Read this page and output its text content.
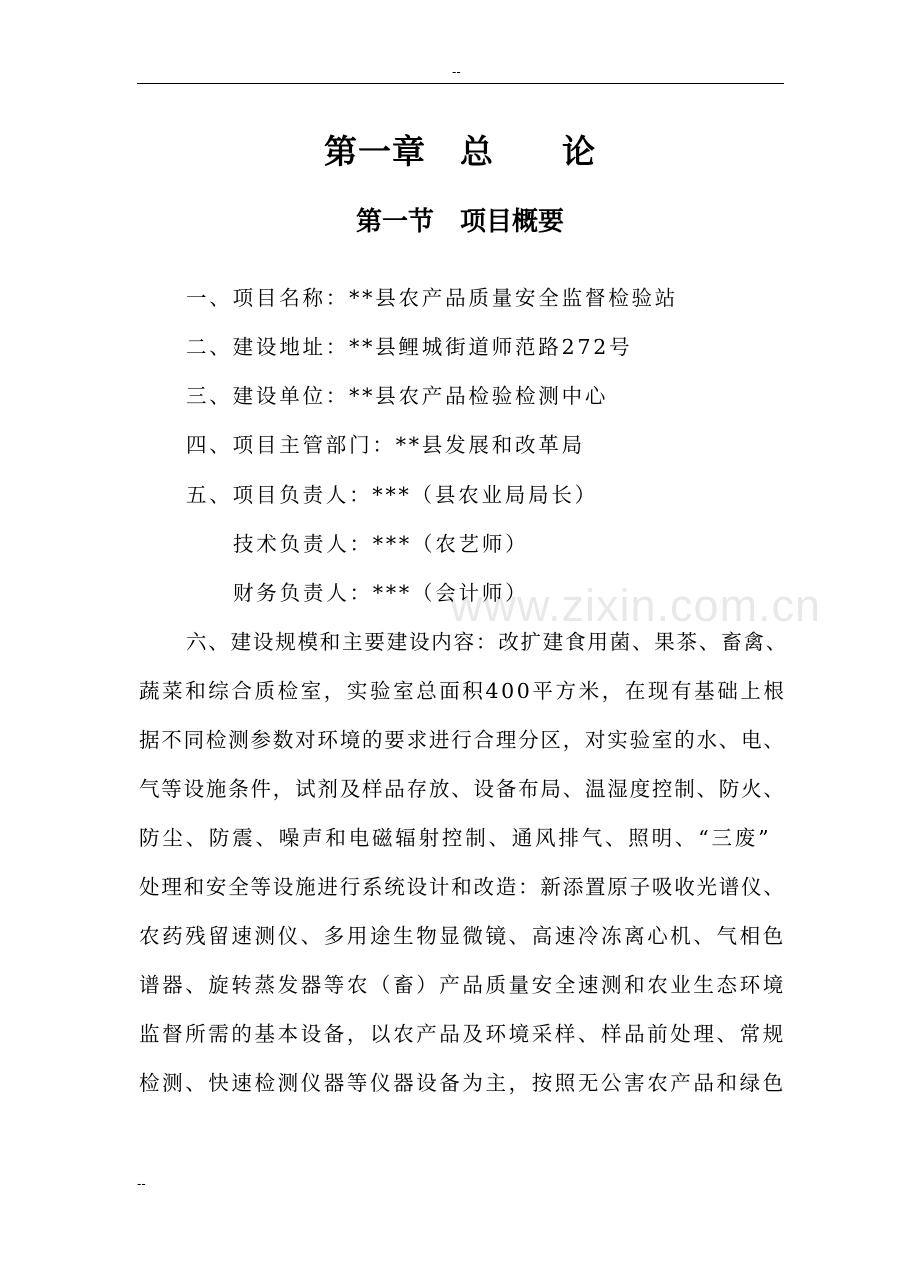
--
第一章　总　　论
第一节　项目概要
一、项目名称：**县农产品质量安全监督检验站
二、建设地址：**县鲤城街道师范路272号
三、建设单位：**县农产品检验检测中心
四、项目主管部门：**县发展和改革局
五、项目负责人：***（县农业局局长）
技术负责人：***（农艺师）
财务负责人：***（会计师）
六、建设规模和主要建设内容：改扩建食用菌、果茶、畜禽、
蔬菜和综合质检室，实验室总面积400平方米，在现有基础上根
据不同检测参数对环境的要求进行合理分区，对实验室的水、电、
气等设施条件，试剂及样品存放、设备布局、温湿度控制、防火、
防尘、防震、噪声和电磁辐射控制、通风排气、照明、“三废”
处理和安全等设施进行系统设计和改造：新添置原子吸收光谱仪、
农药残留速测仪、多用途生物显微镜、高速冷冻离心机、气相色
谱器、旋转蒸发器等农（畜）产品质量安全速测和农业生态环境
监督所需的基本设备，以农产品及环境采样、样品前处理、常规
检测、快速检测仪器等仪器设备为主，按照无公害农产品和绿色
www.zixin.com.cn
--
